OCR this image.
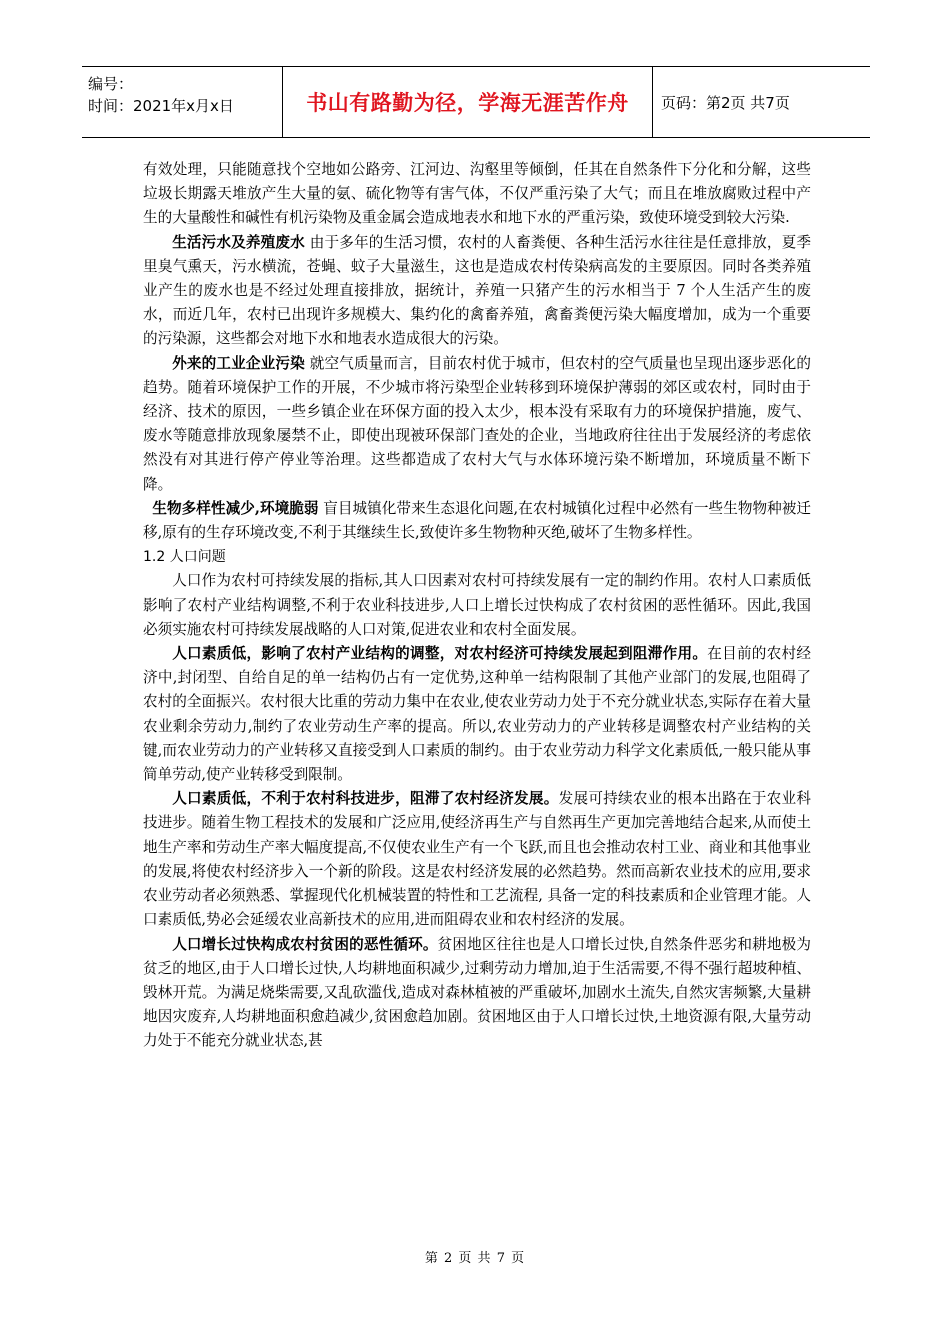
编号：
时间：2021年x月x日	书山有路勤为径，学海无涯苦作舟	页码：第2页 共7页

有效处理，只能随意找个空地如公路旁、江河边、沟壑里等倾倒，任其在自然条件下分化和分解，这些垃圾长期露天堆放产生大量的氨、硫化物等有害气体，不仅严重污染了大气；而且在堆放腐败过程中产生的大量酸性和碱性有机污染物及重金属会造成地表水和地下水的严重污染，致使环境受到较大污染.

生活污水及养殖废水 由于多年的生活习惯，农村的人畜粪便、各种生活污水往往是任意排放，夏季里臭气熏天，污水横流，苍蝇、蚊子大量滋生，这也是造成农村传染病高发的主要原因。同时各类养殖业产生的废水也是不经过处理直接排放，据统计，养殖一只猪产生的污水相当于 7 个人生活产生的废水，而近几年，农村已出现许多规模大、集约化的禽畜养殖，禽畜粪便污染大幅度增加，成为一个重要的污染源，这些都会对地下水和地表水造成很大的污染。

外来的工业企业污染 就空气质量而言，目前农村优于城市，但农村的空气质量也呈现出逐步恶化的趋势。随着环境保护工作的开展，不少城市将污染型企业转移到环境保护薄弱的郊区或农村，同时由于经济、技术的原因，一些乡镇企业在环保方面的投入太少，根本没有采取有力的环境保护措施，废气、废水等随意排放现象屡禁不止，即使出现被环保部门查处的企业，当地政府往往出于发展经济的考虑依然没有对其进行停产停业等治理。这些都造成了农村大气与水体环境污染不断增加，环境质量不断下降。

生物多样性减少,环境脆弱 盲目城镇化带来生态退化问题,在农村城镇化过程中必然有一些生物物种被迁移,原有的生存环境改变,不利于其继续生长,致使许多生物物种灭绝,破坏了生物多样性。

1.2 人口问题

人口作为农村可持续发展的指标,其人口因素对农村可持续发展有一定的制约作用。农村人口素质低影响了农村产业结构调整,不利于农业科技进步,人口上增长过快构成了农村贫困的恶性循环。因此,我国必须实施农村可持续发展战略的人口对策,促进农业和农村全面发展。

人口素质低，影响了农村产业结构的调整，对农村经济可持续发展起到阻滞作用。在目前的农村经济中,封闭型、自给自足的单一结构仍占有一定优势,这种单一结构限制了其他产业部门的发展,也阻碍了农村的全面振兴。农村很大比重的劳动力集中在农业,使农业劳动力处于不充分就业状态,实际存在着大量农业剩余劳动力,制约了农业劳动生产率的提高。所以,农业劳动力的产业转移是调整农村产业结构的关键,而农业劳动力的产业转移又直接受到人口素质的制约。由于农业劳动力科学文化素质低,一般只能从事简单劳动,使产业转移受到限制。

人口素质低，不利于农村科技进步，阻滞了农村经济发展。发展可持续农业的根本出路在于农业科技进步。随着生物工程技术的发展和广泛应用,使经济再生产与自然再生产更加完善地结合起来,从而使土地生产率和劳动生产率大幅度提高,不仅使农业生产有一个飞跃,而且也会推动农村工业、商业和其他事业的发展,将使农村经济步入一个新的阶段。这是农村经济发展的必然趋势。然而高新农业技术的应用,要求农业劳动者必须熟悉、掌握现代化机械装置的特性和工艺流程, 具备一定的科技素质和企业管理才能。人口素质低,势必会延缓农业高新技术的应用,进而阻碍农业和农村经济的发展。

人口增长过快构成农村贫困的恶性循环。贫困地区往往也是人口增长过快,自然条件恶劣和耕地极为贫乏的地区,由于人口增长过快,人均耕地面积减少,过剩劳动力增加,迫于生活需要,不得不强行超坡种植、毁林开荒。为满足烧柴需要,又乱砍滥伐,造成对森林植被的严重破坏,加剧水土流失,自然灾害频繁,大量耕地因灾废弃,人均耕地面积愈趋减少,贫困愈趋加剧。贫困地区由于人口增长过快,土地资源有限,大量劳动力处于不能充分就业状态,甚

第 2 页 共 7 页
